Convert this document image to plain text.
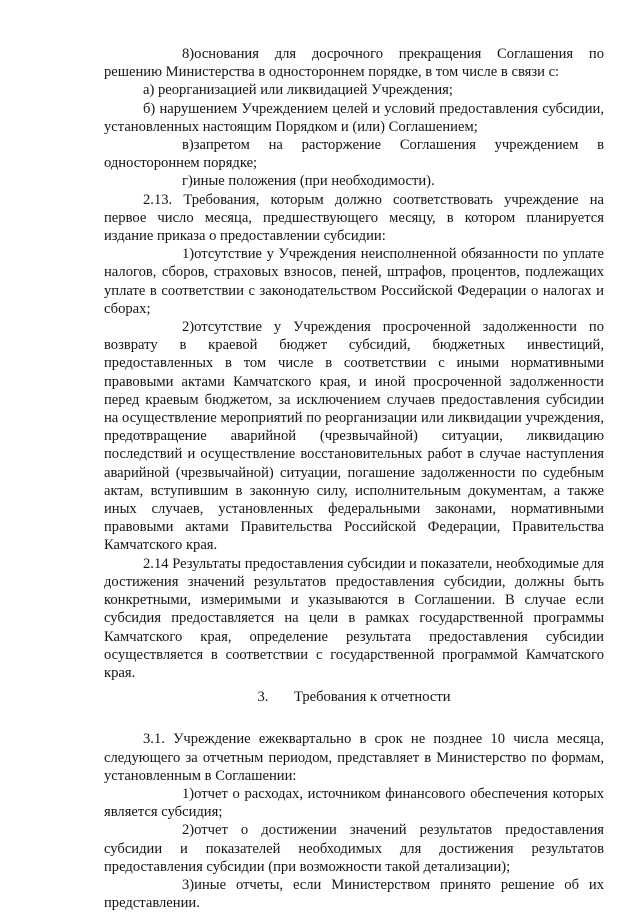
8)основания для досрочного прекращения Соглашения по решению Министерства в одностороннем порядке, в том числе в связи с:

а) реорганизацией или ликвидацией Учреждения;

б) нарушением Учреждением целей и условий предоставления субсидии, установленных настоящим Порядком и (или) Соглашением;

в)запретом на расторжение Соглашения учреждением в одностороннем порядке;

г)иные положения (при необходимости).

2.13. Требования, которым должно соответствовать учреждение на первое число месяца, предшествующего месяцу, в котором планируется издание приказа о предоставлении субсидии:

1)отсутствие у Учреждения неисполненной обязанности по уплате налогов, сборов, страховых взносов, пеней, штрафов, процентов, подлежащих уплате в соответствии с законодательством Российской Федерации о налогах и сборах;

2)отсутствие у Учреждения просроченной задолженности по возврату в краевой бюджет субсидий, бюджетных инвестиций, предоставленных в том числе в соответствии с иными нормативными правовыми актами Камчатского края, и иной просроченной задолженности перед краевым бюджетом, за исключением случаев предоставления субсидии на осуществление мероприятий по реорганизации или ликвидации учреждения, предотвращение аварийной (чрезвычайной) ситуации, ликвидацию последствий и осуществление восстановительных работ в случае наступления аварийной (чрезвычайной) ситуации, погашение задолженности по судебным актам, вступившим в законную силу, исполнительным документам, а также иных случаев, установленных федеральными законами, нормативными правовыми актами Правительства Российской Федерации, Правительства Камчатского края.

2.14 Результаты предоставления субсидии и показатели, необходимые для достижения значений результатов предоставления субсидии, должны быть конкретными, измеримыми и указываются в Соглашении. В случае если субсидия предоставляется на цели в рамках государственной программы Камчатского края, определение результата предоставления субсидии осуществляется в соответствии с государственной программой Камчатского края.

3. Требования к отчетности

3.1. Учреждение ежеквартально в срок не позднее 10 числа месяца, следующего за отчетным периодом, представляет в Министерство по формам, установленным в Соглашении:

1)отчет о расходах, источником финансового обеспечения которых является субсидия;

2)отчет о достижении значений результатов предоставления субсидии и показателей необходимых для достижения результатов предоставления субсидии (при возможности такой детализации);

3)иные отчеты, если Министерством принято решение об их представлении.
